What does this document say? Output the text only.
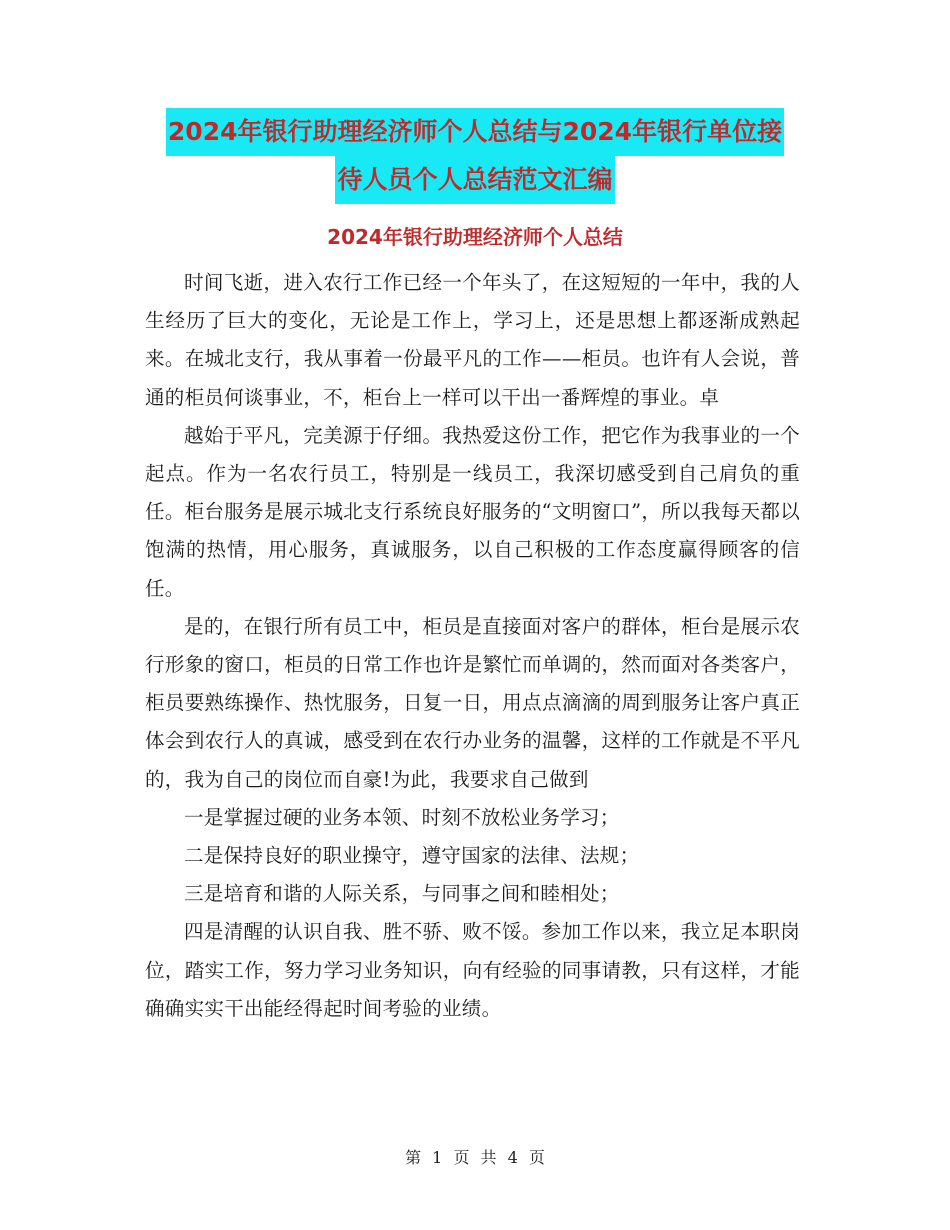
2024年银行助理经济师个人总结与2024年银行单位接
待人员个人总结范文汇编
2024年银行助理经济师个人总结

时间飞逝，进入农行工作已经一个年头了，在这短短的一年中，我的人生经历了巨大的变化，无论是工作上，学习上，还是思想上都逐渐成熟起来。在城北支行，我从事着一份最平凡的工作——柜员。也许有人会说，普通的柜员何谈事业，不，柜台上一样可以干出一番辉煌的事业。卓

越始于平凡，完美源于仔细。我热爱这份工作，把它作为我事业的一个起点。作为一名农行员工，特别是一线员工，我深切感受到自己肩负的重任。柜台服务是展示城北支行系统良好服务的“文明窗口”，所以我每天都以饱满的热情，用心服务，真诚服务，以自己积极的工作态度赢得顾客的信任。

是的，在银行所有员工中，柜员是直接面对客户的群体，柜台是展示农行形象的窗口，柜员的日常工作也许是繁忙而单调的，然而面对各类客户，柜员要熟练操作、热忱服务，日复一日，用点点滴滴的周到服务让客户真正体会到农行人的真诚，感受到在农行办业务的温馨，这样的工作就是不平凡的，我为自己的岗位而自豪!为此，我要求自己做到

一是掌握过硬的业务本领、时刻不放松业务学习；

二是保持良好的职业操守，遵守国家的法律、法规；

三是培育和谐的人际关系，与同事之间和睦相处；

四是清醒的认识自我、胜不骄、败不馁。参加工作以来，我立足本职岗位，踏实工作，努力学习业务知识，向有经验的同事请教，只有这样，才能确确实实干出能经得起时间考验的业绩。

第 1 页 共 4 页
